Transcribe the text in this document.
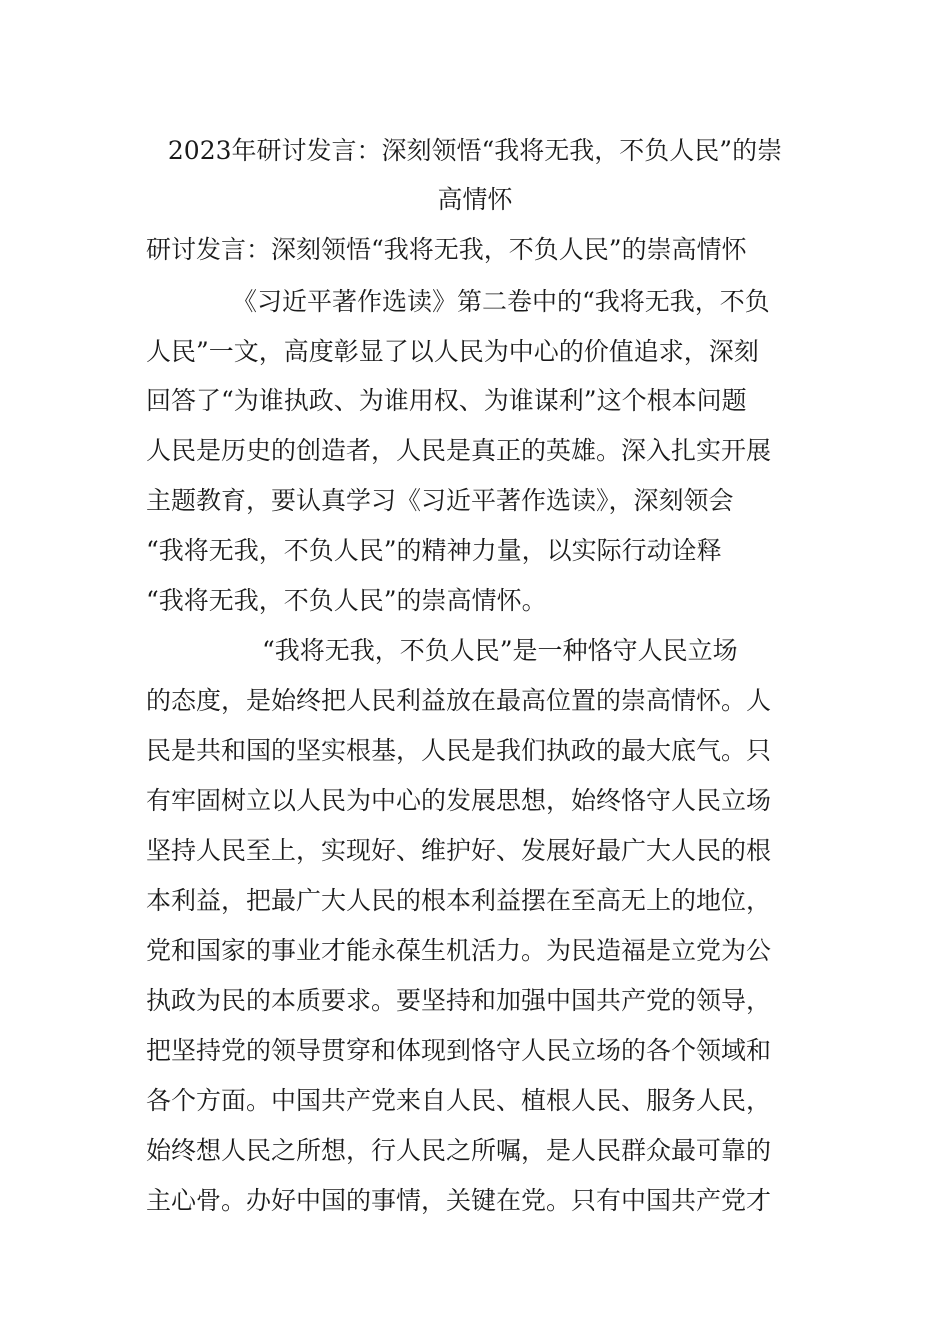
2023年研讨发言：深刻领悟“我将无我，不负人民”的崇
高情怀
研讨发言：深刻领悟“我将无我，不负人民”的崇高情怀
《习近平著作选读》第二卷中的“我将无我，不负
人民”一文，高度彰显了以人民为中心的价值追求，深刻
回答了“为谁执政、为谁用权、为谁谋利”这个根本问题
人民是历史的创造者，人民是真正的英雄。深入扎实开展
主题教育，要认真学习《习近平著作选读》，深刻领会
“我将无我，不负人民”的精神力量，以实际行动诠释
“我将无我，不负人民”的崇高情怀。
“我将无我，不负人民”是一种恪守人民立场
的态度，是始终把人民利益放在最高位置的崇高情怀。人
民是共和国的坚实根基，人民是我们执政的最大底气。只
有牢固树立以人民为中心的发展思想，始终恪守人民立场
坚持人民至上，实现好、维护好、发展好最广大人民的根
本利益，把最广大人民的根本利益摆在至高无上的地位，
党和国家的事业才能永葆生机活力。为民造福是立党为公
执政为民的本质要求。要坚持和加强中国共产党的领导，
把坚持党的领导贯穿和体现到恪守人民立场的各个领域和
各个方面。中国共产党来自人民、植根人民、服务人民，
始终想人民之所想，行人民之所嘱，是人民群众最可靠的
主心骨。办好中国的事情，关键在党。只有中国共产党才
